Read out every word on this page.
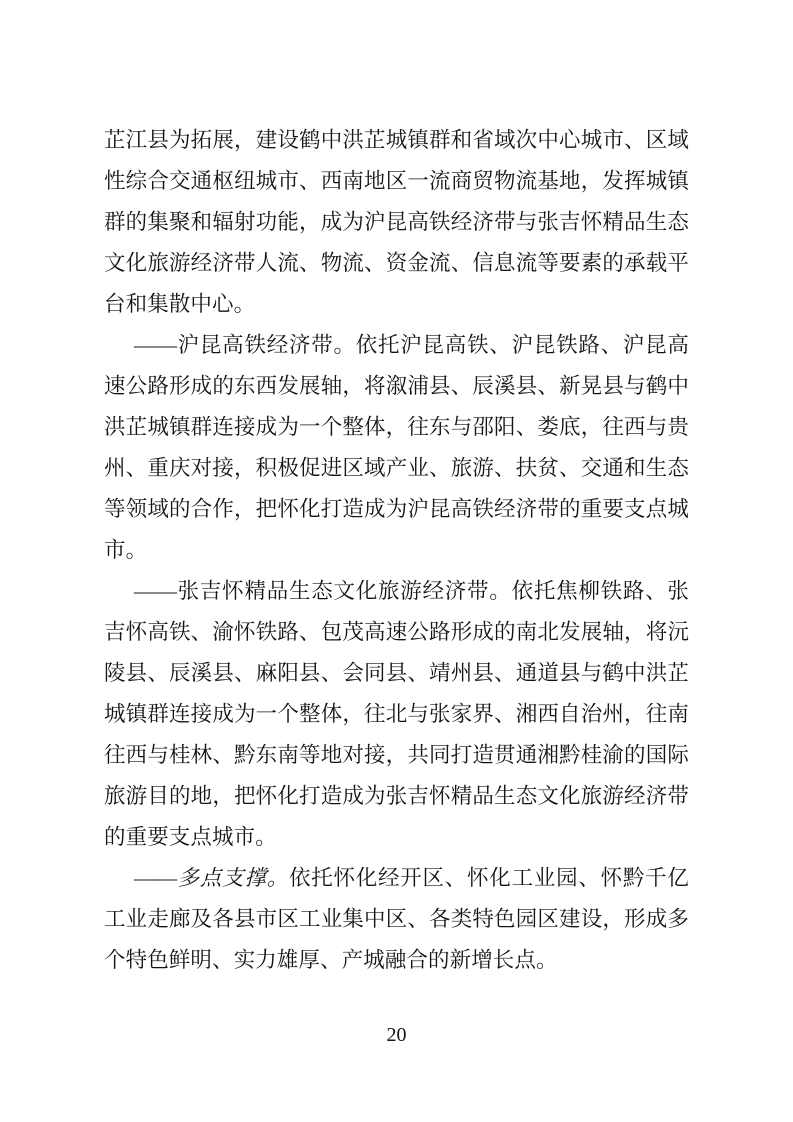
芷江县为拓展，建设鹤中洪芷城镇群和省域次中心城市、区域性综合交通枢纽城市、西南地区一流商贸物流基地，发挥城镇群的集聚和辐射功能，成为沪昆高铁经济带与张吉怀精品生态文化旅游经济带人流、物流、资金流、信息流等要素的承载平台和集散中心。

——沪昆高铁经济带。依托沪昆高铁、沪昆铁路、沪昆高速公路形成的东西发展轴，将溆浦县、辰溪县、新晃县与鹤中洪芷城镇群连接成为一个整体，往东与邵阳、娄底，往西与贵州、重庆对接，积极促进区域产业、旅游、扶贫、交通和生态等领域的合作，把怀化打造成为沪昆高铁经济带的重要支点城市。

——张吉怀精品生态文化旅游经济带。依托焦柳铁路、张吉怀高铁、渝怀铁路、包茂高速公路形成的南北发展轴，将沅陵县、辰溪县、麻阳县、会同县、靖州县、通道县与鹤中洪芷城镇群连接成为一个整体，往北与张家界、湘西自治州，往南往西与桂林、黔东南等地对接，共同打造贯通湘黔桂渝的国际旅游目的地，把怀化打造成为张吉怀精品生态文化旅游经济带的重要支点城市。

——多点支撑。依托怀化经开区、怀化工业园、怀黔千亿工业走廊及各县市区工业集中区、各类特色园区建设，形成多个特色鲜明、实力雄厚、产城融合的新增长点。

20
